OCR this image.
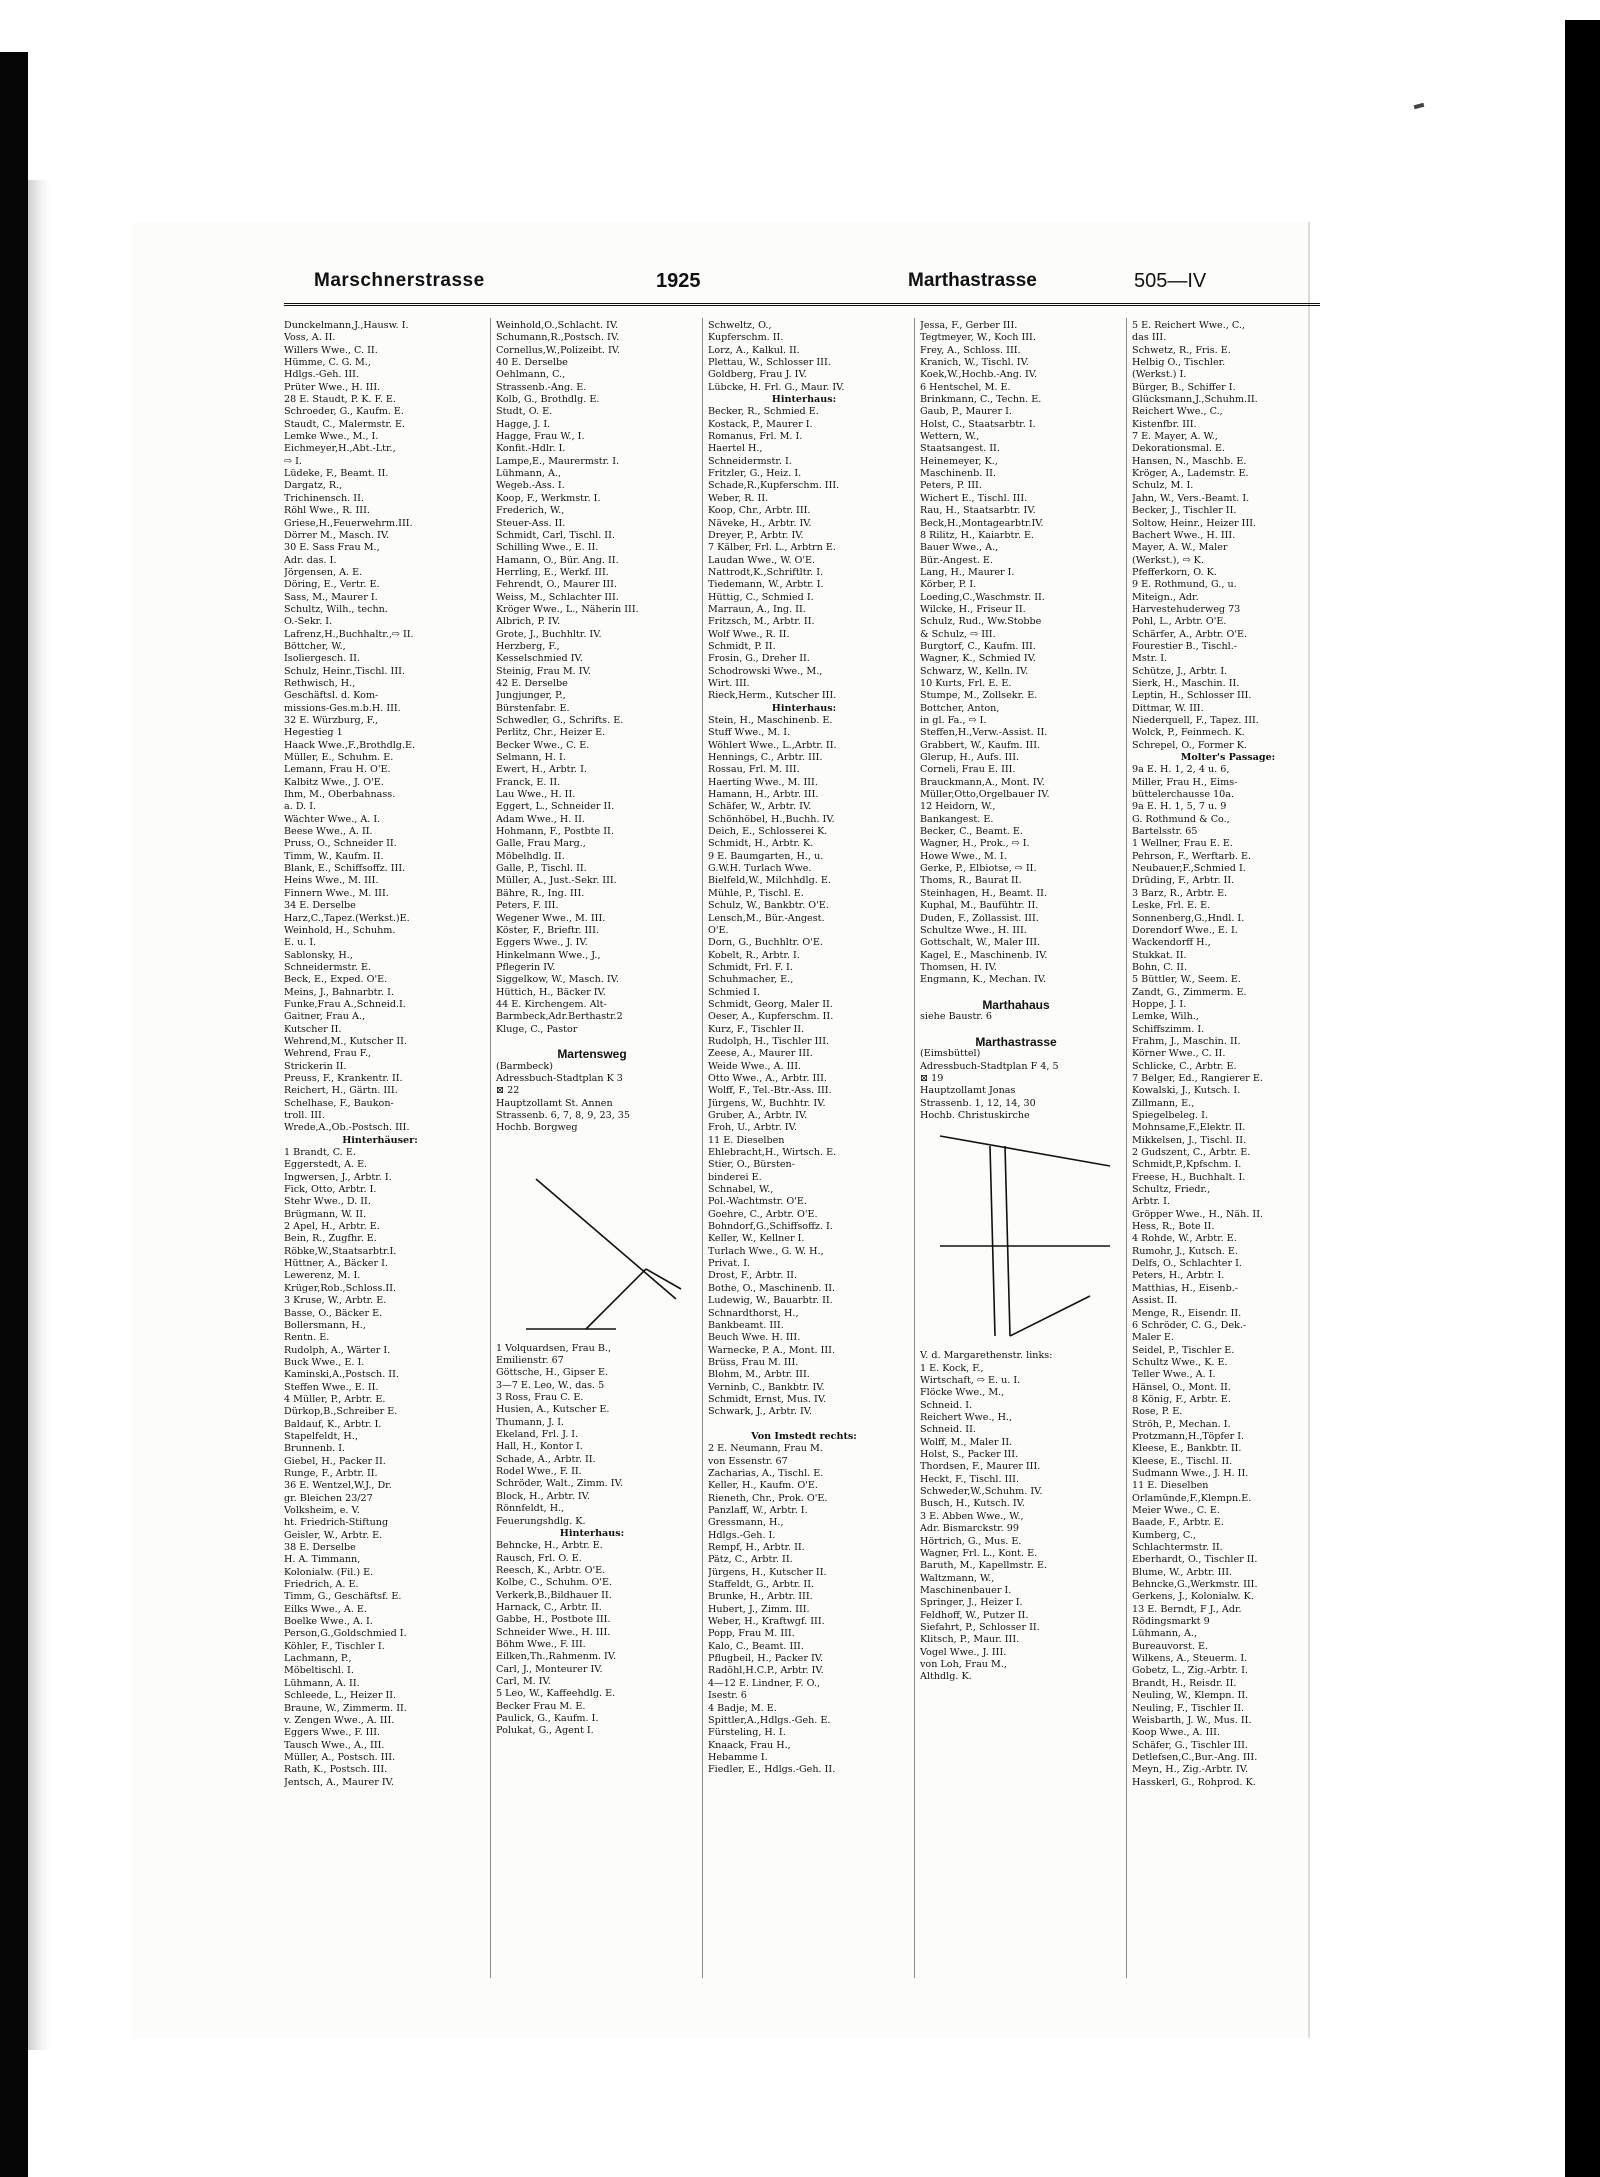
Marschnerstrasse	1925	Marthastrasse	505—IV
Dunckelmann,J.,Hausw. I.
Voss, A. II.
Willers Wwe., C. II.
Hümme, C. G. M.,
Hdlgs.-Geh. III.
Prüter Wwe., H. III.
28 E. Staudt, P. K. F. E.
Schroeder, G., Kaufm. E.
Staudt, C., Malermstr. E.
Lemke Wwe., M., I.
Eichmeyer,H.,Abt.-Ltr.,
⇨ I.
Lüdeke, F., Beamt. II.
Dargatz, R.,
Trichinensch. II.
Röhl Wwe., R. III.
Griese,H.,Feuerwehrm.III.
Dörrer M., Masch. IV.
30 E. Sass Frau M.,
Adr. das. I.
Jörgensen, A. E.
Döring, E., Vertr. E.
Sass, M., Maurer I.
Schultz, Wilh., techn.
O.-Sekr. I.
Lafrenz,H.,Buchhaltr.,⇨ II.
Böttcher, W.,
Isoliergesch. II.
Schulz, Heinr.,Tischl. III.
Rethwisch, H.,
Geschäftsl. d. Kom-
missions-Ges.m.b.H. III.
32 E. Würzburg, F.,
Hegestieg 1
Haack Wwe.,F.,Brothdlg.E.
Müller, E., Schuhm. E.
Lemann, Frau H. O'E.
Kalbitz Wwe., J. O'E.
Ihm, M., Oberbahnass.
a. D. I.
Wächter Wwe., A. I.
Beese Wwe., A. II.
Pruss, O., Schneider II.
Timm, W., Kaufm. II.
Blank, E., Schiffsoffz. III.
Heins Wwe., M. III.
Finnern Wwe., M. III.
34 E. Derselbe
Harz,C.,Tapez.(Werkst.)E.
Weinhold, H., Schuhm.
E. u. I.
Sablonsky, H.,
Schneidermstr. E.
Beck, E., Exped. O'E.
Meins, J., Bahnarbtr. I.
Funke,Frau A.,Schneid.I.
Gaitner, Frau A.,
Kutscher II.
Wehrend,M., Kutscher II.
Wehrend, Frau F.,
Strickerin II.
Preuss, F., Krankentr. II.
Reichert, H., Gärtn. III.
Schelhase, F., Baukon-
troll. III.
Wrede,A.,Ob.-Postsch. III.
Hinterhäuser:
1 Brandt, C. E.
Eggerstedt, A. E.
Ingwersen, J., Arbtr. I.
Fick, Otto, Arbtr. I.
Stehr Wwe., D. II.
Brügmann, W. II.
2 Apel, H., Arbtr. E.
Bein, R., Zugfhr. E.
Röbke,W.,Staatsarbtr.I.
Hüttner, A., Bäcker I.
Lewerenz, M. I.
Krüger,Rob.,Schloss.II.
3 Kruse, W., Arbtr. E.
Basse, O., Bäcker E.
Bollersmann, H.,
Rentn. E.
Rudolph, A., Wärter I.
Buck Wwe., E. I.
Kaminski,A.,Postsch. II.
Steffen Wwe., E. II.
4 Müller, P., Arbtr. E.
Dürkop,B.,Schreiber E.
Baldauf, K., Arbtr. I.
Stapelfeldt, H.,
Brunnenb. I.
Giebel, H., Packer II.
Runge, F., Arbtr. II.
36 E. Wentzel,W.J., Dr.
gr. Bleichen 23/27
Volksheim, e. V.
ht. Friedrich-Stiftung
Geisler, W., Arbtr. E.
38 E. Derselbe
H. A. Timmann,
Kolonialw. (Fil.) E.
Friedrich, A. E.
Timm, G., Geschäftsf. E.
Eilks Wwe., A. E.
Boelke Wwe., A. I.
Person,G.,Goldschmied I.
Köhler, F., Tischler I.
Lachmann, P.,
Möbeltischl. I.
Lühmann, A. II.
Schleede, L., Heizer II.
Braune, W., Zimmerm. II.
v. Zengen Wwe., A. III.
Eggers Wwe., F. III.
Tausch Wwe., A., III.
Müller, A., Postsch. III.
Rath, K., Postsch. III.
Jentsch, A., Maurer IV.
Weinhold,O.,Schlacht. IV.
Schumann,R.,Postsch. IV.
Cornellus,W.,Polizeibt. IV.
40 E. Derselbe
Oehlmann, C.,
Strassenb.-Ang. E.
Kolb, G., Brothdlg. E.
Studt, O. E.
Hagge, J. I.
Hagge, Frau W., I.
Konfit.-Hdlr. I.
Lampe,E., Maurermstr. I.
Lühmann, A.,
Wegeb.-Ass. I.
Koop, F., Werkmstr. I.
Frederich, W.,
Steuer-Ass. II.
Schmidt, Carl, Tischl. II.
Schilling Wwe., E. II.
Hamann, O., Bür. Ang. II.
Herrling, E., Werkf. III.
Fehrendt, O., Maurer III.
Weiss, M., Schlachter III.
Kröger Wwe., L., Näherin III.
Albrich, P. IV.
Grote, J., Buchhltr. IV.
Herzberg, F.,
Kesselschmied IV.
Steinig, Frau M. IV.
42 E. Derselbe
Jungjunger, P.,
Bürstenfabr. E.
Schwedler, G., Schrifts. E.
Perlitz, Chr., Heizer E.
Becker Wwe., C. E.
Selmann, H. I.
Ewert, H., Arbtr. I.
Franck, E. II.
Lau Wwe., H. II.
Eggert, L., Schneider II.
Adam Wwe., H. II.
Hohmann, F., Postbte II.
Galle, Frau Marg.,
Möbelhdlg. II.
Galle, P., Tischl. II.
Müller, A., Just.-Sekr. III.
Bähre, R., Ing. III.
Peters, F. III.
Wegener Wwe., M. III.
Köster, F., Brieftr. III.
Eggers Wwe., J. IV.
Hinkelmann Wwe., J.,
Pflegerin IV.
Siggelkow, W., Masch. IV.
Hüttich, H., Bäcker IV.
44 E. Kirchengem. Alt-
Barmbeck,Adr.Berthastr.2
Kluge, C., Pastor
Martensweg
(Barmbeck)
Adressbuch-Stadtplan K 3
⊠ 22
Hauptzollamt St. Annen
Strassenb. 6, 7, 8, 9, 23, 35
Hochb. Borgweg
1 Volquardsen, Frau B.,
Emilienstr. 67
Göttsche, H., Gipser E.
3—7 E. Leo, W., das. 5
3 Ross, Frau C. E.
Husien, A., Kutscher E.
Thumann, J. I.
Ekeland, Frl. J. I.
Hall, H., Kontor I.
Schade, A., Arbtr. II.
Rodel Wwe., F. II.
Schröder, Walt., Zimm. IV.
Block, H., Arbtr. IV.
Rönnfeldt, H.,
Feuerungshdlg. K.
Hinterhaus:
Behncke, H., Arbtr. E.
Rausch, Frl. O. E.
Reesch, K., Arbtr. O'E.
Kolbe, C., Schuhm. O'E.
Verkerk,B.,Bildhauer II.
Harnack, C., Arbtr. II.
Gabbe, H., Postbote III.
Schneider Wwe., H. III.
Böhm Wwe., F. III.
Eilken,Th.,Rahmenm. IV.
Carl, J., Monteurer IV.
Carl, M. IV.
5 Leo, W., Kaffeehdlg. E.
Becker Frau M. E.
Paulick, G., Kaufm. I.
Polukat, G., Agent I.
Schweltz, O.,
Kupferschm. II.
Lorz, A., Kalkul. II.
Plettau, W., Schlosser III.
Goldberg, Frau J. IV.
Lübcke, H. Frl. G., Maur. IV.
Hinterhaus:
Becker, R., Schmied E.
Kostack, P., Maurer I.
Romanus, Frl. M. I.
Haertel H.,
Schneidermstr. I.
Fritzler, G., Heiz. I.
Schade,R.,Kupferschm. III.
Weber, R. II.
Koop, Chr., Arbtr. III.
Näveke, H., Arbtr. IV.
Dreyer, P., Arbtr. IV.
7 Kälber, Frl. L., Arbtrn E.
Laudan Wwe., W. O'E.
Nattrodt,K.,Schriftltr. I.
Tiedemann, W., Arbtr. I.
Hüttig, C., Schmied I.
Marraun, A., Ing. II.
Fritzsch, M., Arbtr. II.
Wolf Wwe., R. II.
Schmidt, P. II.
Frosin, G., Dreher II.
Schodrowski Wwe., M.,
Wirt. III.
Rieck,Herm., Kutscher III.
Hinterhaus:
Stein, H., Maschinenb. E.
Stuff Wwe., M. I.
Wöhlert Wwe., L.,Arbtr. II.
Hennings, C., Arbtr. III.
Rossau, Frl. M. III.
Haerting Wwe., M. III.
Hamann, H., Arbtr. III.
Schäfer, W., Arbtr. IV.
Schönhöbel, H.,Buchh. IV.
Deich, E., Schlosserei K.
Schmidt, H., Arbtr. K.
9 E. Baumgarten, H., u.
G.W.H. Turlach Wwe.
Bielfeld,W., Milchhdlg. E.
Mühle, P., Tischl. E.
Schulz, W., Bankbtr. O'E.
Lensch,M., Bür.-Angest.
O'E.
Dorn, G., Buchhltr. O'E.
Kobelt, R., Arbtr. I.
Schmidt, Frl. F. I.
Schuhmacher, E.,
Schmied I.
Schmidt, Georg, Maler II.
Oeser, A., Kupferschm. II.
Kurz, F., Tischler II.
Rudolph, H., Tischler III.
Zeese, A., Maurer III.
Weide Wwe., A. III.
Otto Wwe., A., Arbtr. III.
Wolff, F., Tel.-Btr.-Ass. III.
Jürgens, W., Buchhtr. IV.
Gruber, A., Arbtr. IV.
Froh, U., Arbtr. IV.
11 E. Dieselben
Ehlebracht,H., Wirtsch. E.
Stier, O., Bürsten-
binderei E.
Schnabel, W.,
Pol.-Wachtmstr. O'E.
Goehre, C., Arbtr. O'E.
Bohndorf,G.,Schiffsoffz. I.
Keller, W., Kellner I.
Turlach Wwe., G. W. H.,
Privat. I.
Drost, F., Arbtr. II.
Bothe, O., Maschinenb. II.
Ludewig, W., Bauarbtr. II.
Schnardthorst, H.,
Bankbeamt. III.
Beuch Wwe. H. III.
Warnecke, P. A., Mont. III.
Brüss, Frau M. III.
Blohm, M., Arbtr. III.
Verninb, C., Bankbtr. IV.
Schmidt, Ernst, Mus. IV.
Schwark, J., Arbtr. IV.
Von Imstedt rechts:
2 E. Neumann, Frau M.
von Essenstr. 67
Zacharias, A., Tischl. E.
Keller, H., Kaufm. O'E.
Rieneth, Chr., Prok. O'E.
Panzlaff, W., Arbtr. I.
Gressmann, H.,
Hdlgs.-Geh. I.
Rempf, H., Arbtr. II.
Pätz, C., Arbtr. II.
Jürgens, H., Kutscher II.
Staffeldt, G., Arbtr. II.
Brunke, H., Arbtr. III.
Hubert, J., Zimm. III.
Weber, H., Kraftwgf. III.
Popp, Frau M. III.
Kalo, C., Beamt. III.
Pflugbeil, H., Packer IV.
Radöhl,H.C.P., Arbtr. IV.
4—12 E. Lindner, F. O.,
Isestr. 6
4 Badje, M. E.
Spittler,A.,Hdlgs.-Geh. E.
Fürsteling, H. I.
Knaack, Frau H.,
Hebamme I.
Fiedler, E., Hdlgs.-Geh. II.
Jessa, F., Gerber III.
Tegtmeyer, W., Koch III.
Frey, A., Schloss. III.
Kranich, W., Tischl. IV.
Koek,W.,Hochb.-Ang. IV.
6 Hentschel, M. E.
Brinkmann, C., Techn. E.
Gaub, P., Maurer I.
Holst, C., Staatsarbtr. I.
Wettern, W.,
Staatsangest. II.
Heinemeyer, K.,
Maschinenb. II.
Peters, P. III.
Wichert E., Tischl. III.
Rau, H., Staatsarbtr. IV.
Beck,H.,Montagearbtr.IV.
8 Rilitz, H., Kaiarbtr. E.
Bauer Wwe., A.,
Bür.-Angest. E.
Lang, H., Maurer I.
Körber, P. I.
Loeding,C.,Waschmstr. II.
Wilcke, H., Friseur II.
Schulz, Rud., Ww.Stobbe
& Schulz, ⇨ III.
Burgtorf, C., Kaufm. III.
Wagner, K., Schmied IV.
Schwarz, W., Kelln. IV.
10 Kurts, Frl. E. E.
Stumpe, M., Zollsekr. E.
Bottcher, Anton,
in gl. Fa., ⇨ I.
Steffen,H.,Verw.-Assist. II.
Grabbert, W., Kaufm. III.
Glerup, H., Aufs. III.
Corneli, Frau E. III.
Brauckmann,A., Mont. IV.
Müller,Otto,Orgelbauer IV.
12 Heidorn, W.,
Bankangest. E.
Becker, C., Beamt. E.
Wagner, H., Prok., ⇨ I.
Howe Wwe., M. I.
Gerke, P., Elbiotse, ⇨ II.
Thoms, R., Baurat II.
Steinhagen, H., Beamt. II.
Kuphal, M., Baufühtr. II.
Duden, F., Zollassist. III.
Schultze Wwe., H. III.
Gottschalt, W., Maler III.
Kagel, E., Maschinenb. IV.
Thomsen, H. IV.
Engmann, K., Mechan. IV.
Marthahaus
siehe Baustr. 6
Marthastrasse
(Eimsbüttel)
Adressbuch-Stadtplan F 4, 5
⊠ 19
Hauptzollamt Jonas
Strassenb. 1, 12, 14, 30
Hochb. Christuskirche
V. d. Margarethenstr. links:
1 E. Kock, F.,
Wirtschaft, ⇨ E. u. I.
Flöcke Wwe., M.,
Schneid. I.
Reichert Wwe., H.,
Schneid. II.
Wolff, M., Maler II.
Holst, S., Packer III.
Thordsen, F., Maurer III.
Heckt, F., Tischl. III.
Schweder,W.,Schuhm. IV.
Busch, H., Kutsch. IV.
3 E. Abben Wwe., W.,
Adr. Bismarckstr. 99
Hörtrich, G., Mus. E.
Wagner, Frl. L., Kont. E.
Baruth, M., Kapellmstr. E.
Waltzmann, W.,
Maschinenbauer I.
Springer, J., Heizer I.
Feldhoff, W., Putzer II.
Siefahrt, P., Schlosser II.
Klitsch, P., Maur. III.
Vogel Wwe., J. III.
von Loh, Frau M.,
Althdlg. K.
5 E. Reichert Wwe., C.,
das III.
Schwetz, R., Fris. E.
Helbig O., Tischler.
(Werkst.) I.
Bürger, B., Schiffer I.
Glücksmann,J.,Schuhm.II.
Reichert Wwe., C.,
Kistenfbr. III.
7 E. Mayer, A. W.,
Dekorationsmal. E.
Hansen, N., Maschb. E.
Kröger, A., Lademstr. E.
Schulz, M. I.
Jahn, W., Vers.-Beamt. I.
Becker, J., Tischler II.
Soltow, Heinr., Heizer III.
Bachert Wwe., H. III.
Mayer, A. W., Maler
(Werkst.), ⇨ K.
Pfefferkorn, O. K.
9 E. Rothmund, G., u.
Miteign., Adr.
Harvestehuderweg 73
Pohl, L., Arbtr. O'E.
Schärfer, A., Arbtr. O'E.
Fourestier B., Tischl.-
Mstr. I.
Schütze, J., Arbtr. I.
Sierk, H., Maschin. II.
Leptin, H., Schlosser III.
Dittmar, W. III.
Niederquell, F., Tapez. III.
Wolck, P., Feinmech. K.
Schrepel, O., Former K.
Molter's Passage:
9a E. H. 1, 2, 4 u. 6,
Miller, Frau H., Eims-
büttelerchausse 10a.
9a E. H. 1, 5, 7 u. 9
G. Rothmund & Co.,
Bartelsstr. 65
1 Wellner, Frau E. E.
Pehrson, F., Werftarb. E.
Neubauer,F.,Schmied I.
Drüding, F., Arbtr. II.
3 Barz, R., Arbtr. E.
Leske, Frl. E. E.
Sonnenberg,G.,Hndl. I.
Dorendorf Wwe., E. I.
Wackendorff H.,
Stukkat. II.
Bohn, C. II.
5 Büttler, W., Seem. E.
Zandt, G., Zimmerm. E.
Hoppe, J. I.
Lemke, Wilh.,
Schiffszimm. I.
Frahm, J., Maschin. II.
Körner Wwe., C. II.
Schlicke, C., Arbtr. E.
7 Belger, Ed., Rangierer E.
Kowalski, J., Kutsch. I.
Zillmann, E.,
Spiegelbeleg. I.
Mohnsame,F.,Elektr. II.
Mikkelsen, J., Tischl. II.
2 Gudszent, C., Arbtr. E.
Schmidt,P.,Kpfschm. I.
Freese, H., Buchhalt. I.
Schultz, Friedr.,
Arbtr. I.
Gröpper Wwe., H., Näh. II.
Hess, R., Bote II.
4 Rohde, W., Arbtr. E.
Rumohr, J., Kutsch. E.
Delfs, O., Schlachter I.
Peters, H., Arbtr. I.
Matthias, H., Eisenb.-
Assist. II.
Menge, R., Eisendr. II.
6 Schröder, C. G., Dek.-
Maler E.
Seidel, P., Tischler E.
Schultz Wwe., K. E.
Teller Wwe., A. I.
Hänsel, O., Mont. II.
8 König, F., Arbtr. E.
Rose, P. E.
Ströh, P., Mechan. I.
Protzmann,H.,Töpfer I.
Kleese, E., Bankbtr. II.
Kleese, E., Tischl. II.
Sudmann Wwe., J. H. II.
11 E. Dieselben
Orlamünde,F.,Klempn.E.
Meier Wwe., C. E.
Baade, F., Arbtr. E.
Kumberg, C.,
Schlachtermstr. II.
Eberhardt, O., Tischler II.
Blume, W., Arbtr. III.
Behncke,G.,Werkmstr. III.
Gerkens, J., Kolonialw. K.
13 E. Berndt, F J., Adr.
Rödingsmarkt 9
Lühmann, A.,
Bureauvorst. E.
Wilkens, A., Steuerm. I.
Gobetz, L., Zig.-Arbtr. I.
Brandt, H., Reisdr. II.
Neuling, W., Klempn. II.
Neuling, F., Tischler II.
Weisbarth, J. W., Mus. II.
Koop Wwe., A. III.
Schäfer, G., Tischler III.
Detlefsen,C.,Bur.-Ang. III.
Meyn, H., Zig.-Arbtr. IV.
Hasskerl, G., Rohprod. K.
